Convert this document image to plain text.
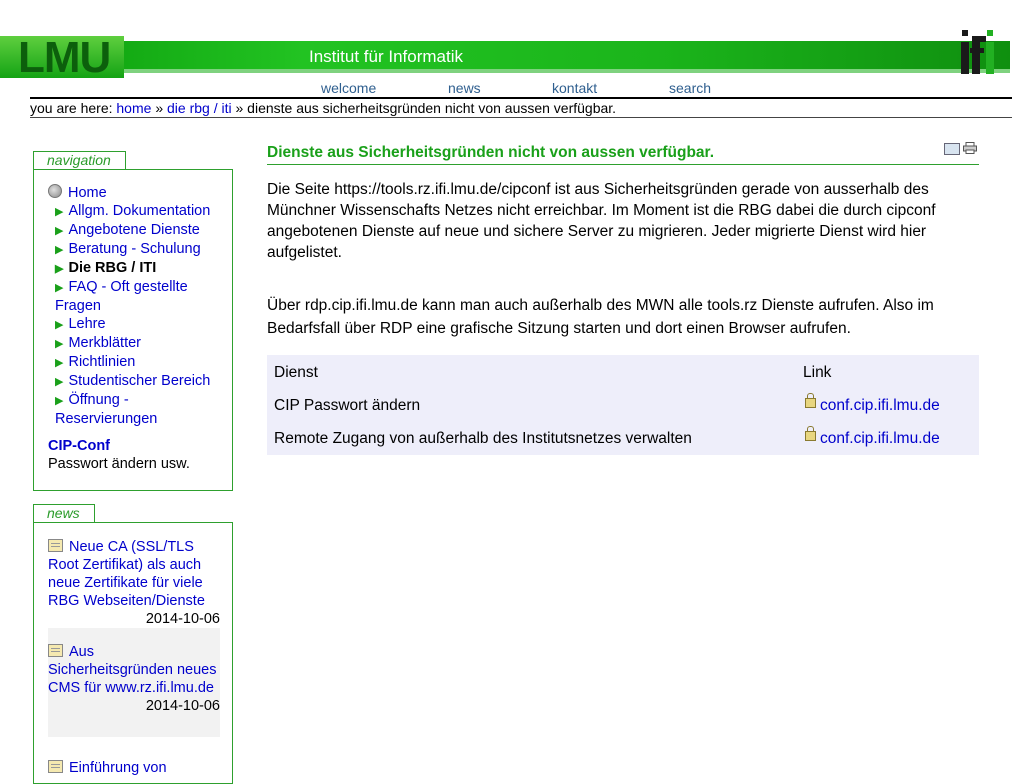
LMU	Institut für Informatik
ifi
welcome	news	kontakt	search
you are here: home » die rbg / iti » dienste aus sicherheitsgründen nicht von aussen verfügbar.
navigation
Home
▶ Allgm. Dokumentation
▶ Angebotene Dienste
▶ Beratung - Schulung
▶ Die RBG / ITI
▶ FAQ - Oft gestellte Fragen
▶ Lehre
▶ Merkblätter
▶ Richtlinien
▶ Studentischer Bereich
▶ Öffnung - Reservierungen
CIP-Conf
Passwort ändern usw.
news
Neue CA (SSL/TLS Root Zertifikat) als auch neue Zertifikate für viele RBG Webseiten/Dienste
2014-10-06
Aus Sicherheitsgründen neues CMS für www.rz.ifi.lmu.de
2014-10-06
Einführung von
Dienste aus Sicherheitsgründen nicht von aussen verfügbar.
Die Seite https://tools.rz.ifi.lmu.de/cipconf ist aus Sicherheitsgründen gerade von ausserhalb des Münchner Wissenschafts Netzes nicht erreichbar. Im Moment ist die RBG dabei die durch cipconf angebotenen Dienste auf neue und sichere Server zu migrieren. Jeder migrierte Dienst wird hier aufgelistet.
Über rdp.cip.ifi.lmu.de kann man auch außerhalb des MWN alle tools.rz Dienste aufrufen. Also im Bedarfsfall über RDP eine grafische Sitzung starten und dort einen Browser aufrufen.
Dienst	Link
CIP Passwort ändern	conf.cip.ifi.lmu.de
Remote Zugang von außerhalb des Institutsnetzes verwalten	conf.cip.ifi.lmu.de
